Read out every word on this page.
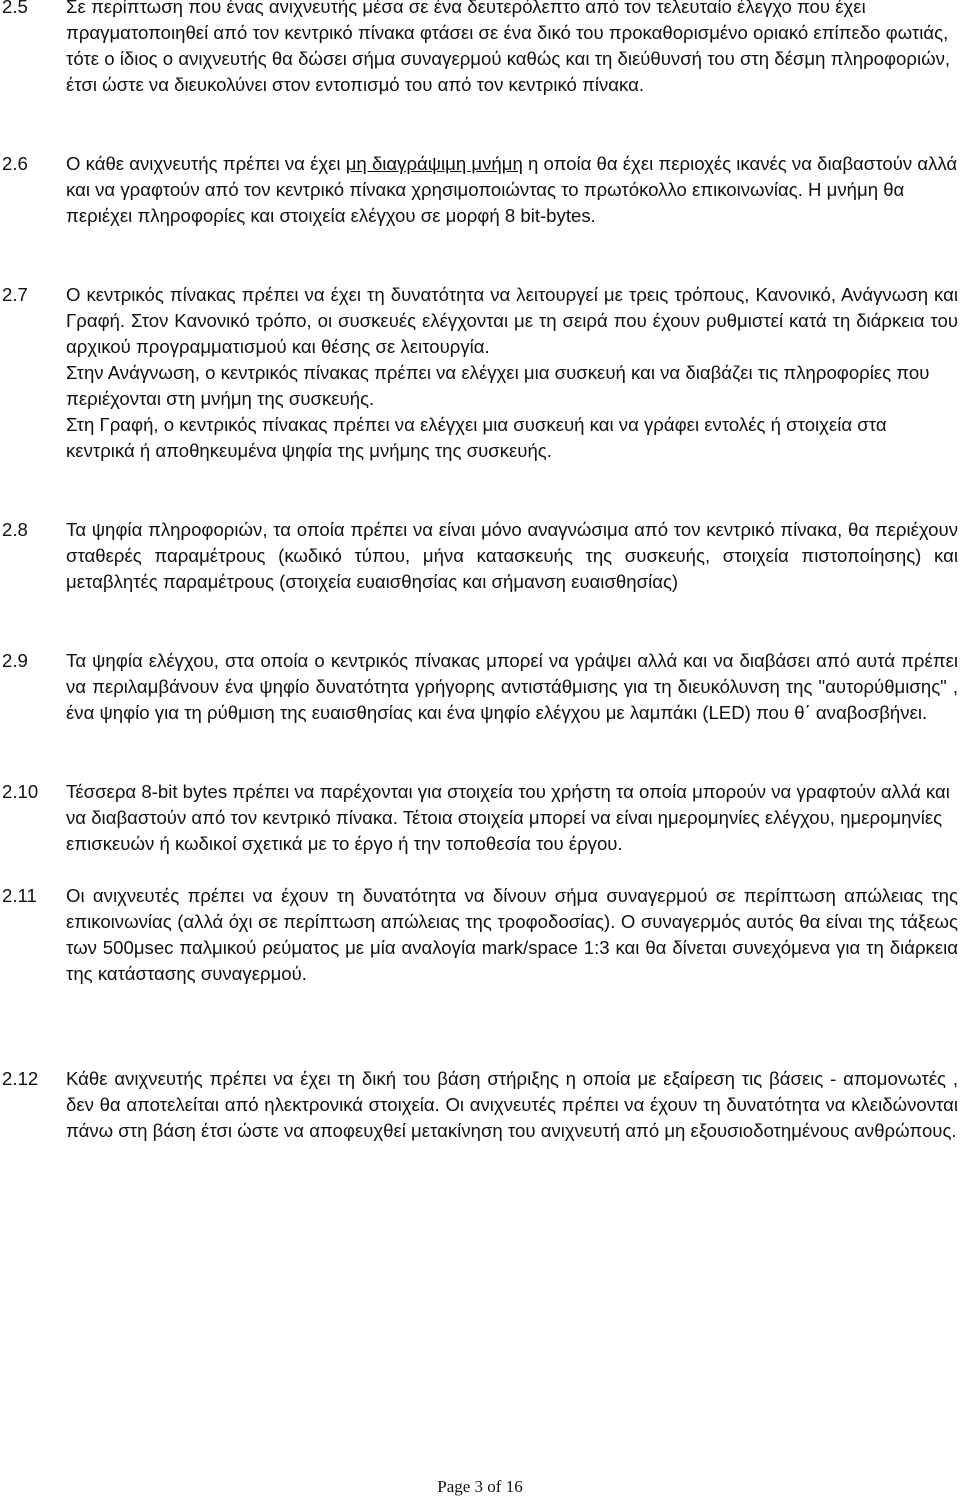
2.5 Σε περίπτωση που ένας ανιχνευτής μέσα σε ένα δευτερόλεπτο από τον τελευταίο έλεγχο που έχει πραγματοποιηθεί από τον κεντρικό πίνακα φτάσει σε ένα δικό του προκαθορισμένο οριακό επίπεδο φωτιάς, τότε ο ίδιος ο ανιχνευτής θα δώσει σήμα συναγερμού καθώς και τη διεύθυνσή του στη δέσμη πληροφοριών, έτσι ώστε να διευκολύνει στον εντοπισμό του από τον κεντρικό πίνακα.

2.6 Ο κάθε ανιχνευτής πρέπει να έχει μη διαγράψιμη μνήμη η οποία θα έχει περιοχές ικανές να διαβαστούν αλλά και να γραφτούν από τον κεντρικό πίνακα χρησιμοποιώντας το πρωτόκολλο επικοινωνίας. Η μνήμη θα περιέχει πληροφορίες και στοιχεία ελέγχου σε μορφή 8 bit-bytes.

2.7 Ο κεντρικός πίνακας πρέπει να έχει τη δυνατότητα να λειτουργεί με τρεις τρόπους, Κανονικό, Ανάγνωση και Γραφή. Στον Κανονικό τρόπο, οι συσκευές ελέγχονται με τη σειρά που έχουν ρυθμιστεί κατά τη διάρκεια του αρχικού προγραμματισμού και θέσης σε λειτουργία.

Στην Ανάγνωση, ο κεντρικός πίνακας πρέπει να ελέγχει μια συσκευή και να διαβάζει τις πληροφορίες που περιέχονται στη μνήμη της συσκευής.

Στη Γραφή, ο κεντρικός πίνακας πρέπει να ελέγχει μια συσκευή και να γράφει εντολές ή στοιχεία στα κεντρικά ή αποθηκευμένα ψηφία της μνήμης της συσκευής.

2.8 Τα ψηφία πληροφοριών, τα οποία πρέπει να είναι μόνο αναγνώσιμα από τον κεντρικό πίνακα, θα περιέχουν σταθερές παραμέτρους (κωδικό τύπου, μήνα κατασκευής της συσκευής, στοιχεία πιστοποίησης) και μεταβλητές παραμέτρους (στοιχεία ευαισθησίας και σήμανση ευαισθησίας)

2.9 Τα ψηφία ελέγχου, στα οποία ο κεντρικός πίνακας μπορεί να γράψει αλλά και να διαβάσει από αυτά πρέπει να περιλαμβάνουν ένα ψηφίο δυνατότητα γρήγορης αντιστάθμισης για τη διευκόλυνση της "αυτορύθμισης" , ένα ψηφίο για τη ρύθμιση της ευαισθησίας και ένα ψηφίο ελέγχου με λαμπάκι (LED) που θ΄ αναβοσβήνει.

2.10 Τέσσερα 8-bit bytes πρέπει να παρέχονται για στοιχεία του χρήστη τα οποία μπορούν να γραφτούν αλλά και να διαβαστούν από τον κεντρικό πίνακα. Τέτοια στοιχεία μπορεί να είναι ημερομηνίες ελέγχου, ημερομηνίες επισκευών ή κωδικοί σχετικά με το έργο ή την τοποθεσία του έργου.

2.11 Οι ανιχνευτές πρέπει να έχουν τη δυνατότητα να δίνουν σήμα συναγερμού σε περίπτωση απώλειας της επικοινωνίας (αλλά όχι σε περίπτωση απώλειας της τροφοδοσίας). Ο συναγερμός αυτός θα είναι της τάξεως των 500μsec παλμικού ρεύματος με μία αναλογία mark/space 1:3 και θα δίνεται συνεχόμενα για τη διάρκεια της κατάστασης συναγερμού.

2.12 Κάθε ανιχνευτής πρέπει να έχει τη δική του βάση στήριξης η οποία με εξαίρεση τις βάσεις - απομονωτές , δεν θα αποτελείται από ηλεκτρονικά στοιχεία. Οι ανιχνευτές πρέπει να έχουν τη δυνατότητα να κλειδώνονται πάνω στη βάση έτσι ώστε να αποφευχθεί μετακίνηση του ανιχνευτή από μη εξουσιοδοτημένους ανθρώπους.

Page 3 of 16
